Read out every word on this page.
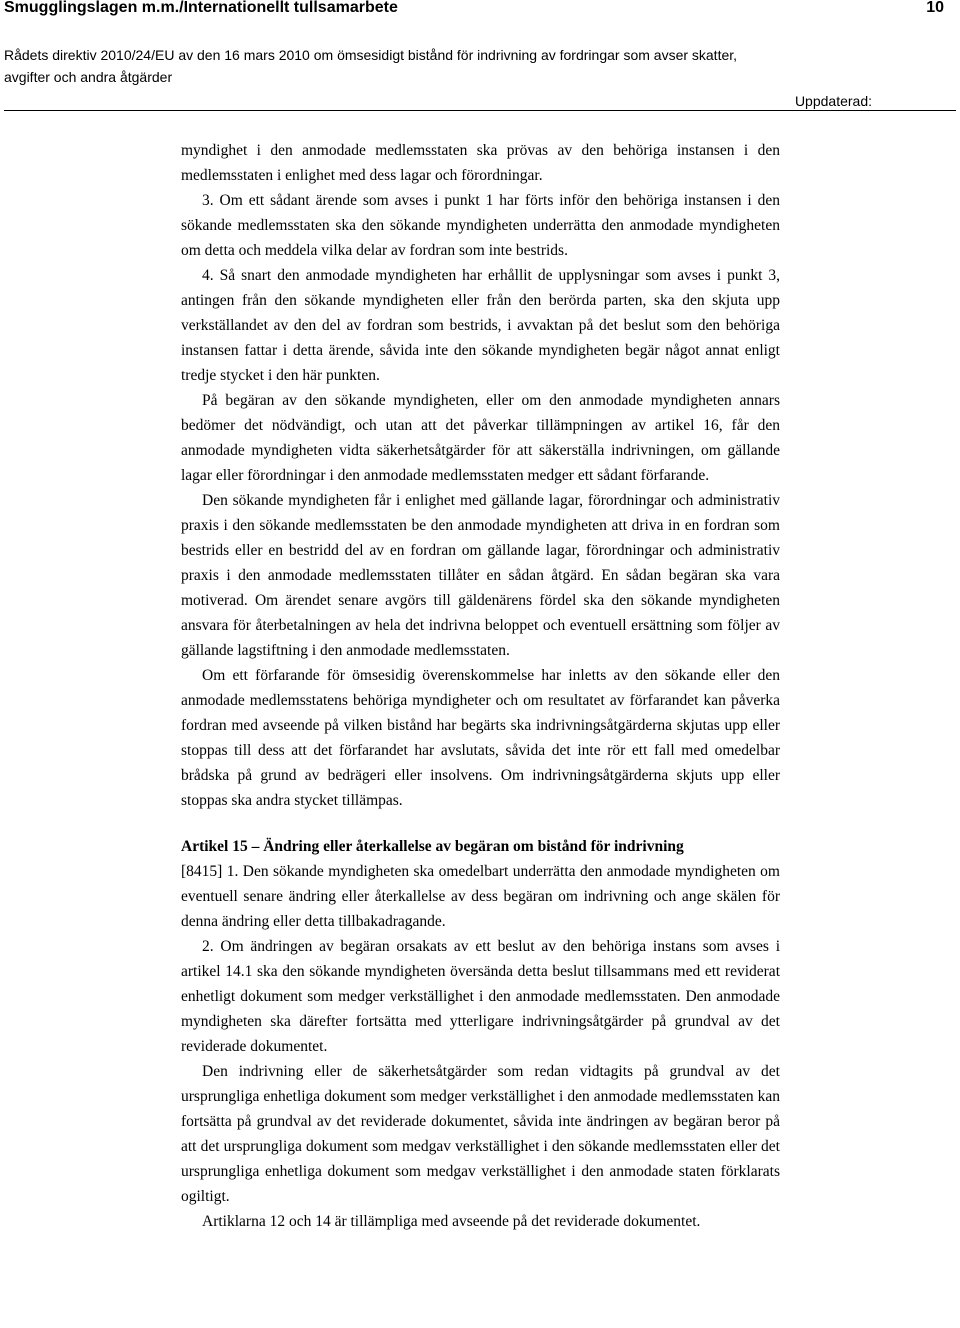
Smugglingslagen m.m./Internationellt tullsamarbete	10
Rådets direktiv 2010/24/EU av den 16 mars 2010 om ömsesidigt bistånd för indrivning av fordringar som avser skatter,
avgifter och andra åtgärder
Uppdaterad:

myndighet i den anmodade medlemsstaten ska prövas av den behöriga instansen i den medlemsstaten i enlighet med dess lagar och förordningar.

3. Om ett sådant ärende som avses i punkt 1 har förts inför den behöriga instansen i den sökande medlemsstaten ska den sökande myndigheten underrätta den anmodade myndigheten om detta och meddela vilka delar av fordran som inte bestrids.

4. Så snart den anmodade myndigheten har erhållit de upplysningar som avses i punkt 3, antingen från den sökande myndigheten eller från den berörda parten, ska den skjuta upp verkställandet av den del av fordran som bestrids, i avvaktan på det beslut som den behöriga instansen fattar i detta ärende, såvida inte den sökande myndigheten begär något annat enligt tredje stycket i den här punkten.

På begäran av den sökande myndigheten, eller om den anmodade myndigheten annars bedömer det nödvändigt, och utan att det påverkar tillämpningen av artikel 16, får den anmodade myndigheten vidta säkerhetsåtgärder för att säkerställa indrivningen, om gällande lagar eller förordningar i den anmodade medlemsstaten medger ett sådant förfarande.

Den sökande myndigheten får i enlighet med gällande lagar, förordningar och administrativ praxis i den sökande medlemsstaten be den anmodade myndigheten att driva in en fordran som bestrids eller en bestridd del av en fordran om gällande lagar, förordningar och administrativ praxis i den anmodade medlemsstaten tillåter en sådan åtgärd. En sådan begäran ska vara motiverad. Om ärendet senare avgörs till gäldenärens fördel ska den sökande myndigheten ansvara för återbetalningen av hela det indrivna beloppet och eventuell ersättning som följer av gällande lagstiftning i den anmodade medlemsstaten.

Om ett förfarande för ömsesidig överenskommelse har inletts av den sökande eller den anmodade medlemsstatens behöriga myndigheter och om resultatet av förfarandet kan påverka fordran med avseende på vilken bistånd har begärts ska indrivningsåtgärderna skjutas upp eller stoppas till dess att det förfarandet har avslutats, såvida det inte rör ett fall med omedelbar brådska på grund av bedrägeri eller insolvens. Om indrivningsåtgärderna skjuts upp eller stoppas ska andra stycket tillämpas.

Artikel 15 – Ändring eller återkallelse av begäran om bistånd för indrivning

[8415] 1. Den sökande myndigheten ska omedelbart underrätta den anmodade myndigheten om eventuell senare ändring eller återkallelse av dess begäran om indrivning och ange skälen för denna ändring eller detta tillbakadragande.

2. Om ändringen av begäran orsakats av ett beslut av den behöriga instans som avses i artikel 14.1 ska den sökande myndigheten översända detta beslut tillsammans med ett reviderat enhetligt dokument som medger verkställighet i den anmodade medlemsstaten. Den anmodade myndigheten ska därefter fortsätta med ytterligare indrivningsåtgärder på grundval av det reviderade dokumentet.

Den indrivning eller de säkerhetsåtgärder som redan vidtagits på grundval av det ursprungliga enhetliga dokument som medger verkställighet i den anmodade medlemsstaten kan fortsätta på grundval av det reviderade dokumentet, såvida inte ändringen av begäran beror på att det ursprungliga dokument som medgav verkställighet i den sökande medlemsstaten eller det ursprungliga enhetliga dokument som medgav verkställighet i den anmodade staten förklarats ogiltigt.

Artiklarna 12 och 14 är tillämpliga med avseende på det reviderade dokumentet.
